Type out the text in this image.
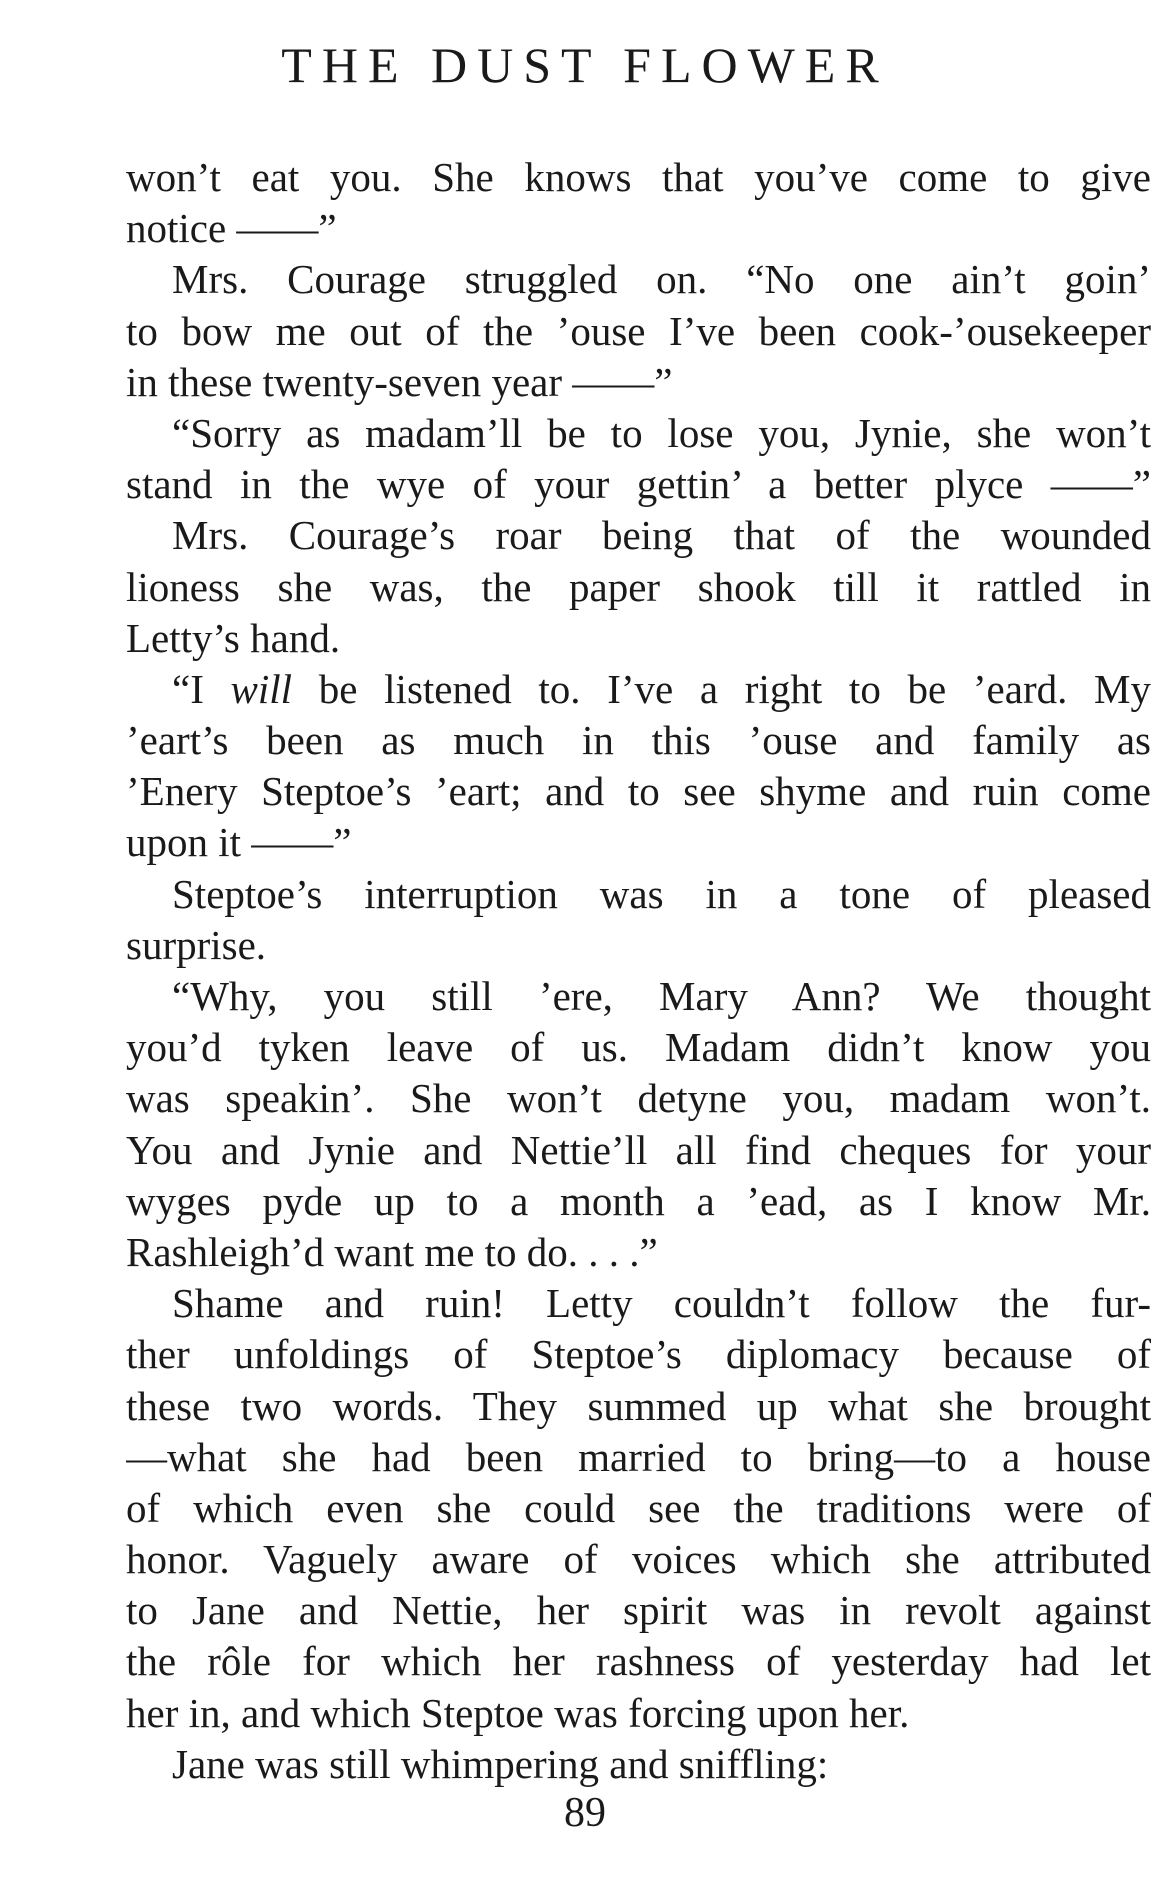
THE DUST FLOWER
won’t eat you. She knows that you’ve come to give
notice ——”
Mrs. Courage struggled on. “No one ain’t goin’
to bow me out of the ’ouse I’ve been cook-’ousekeeper
in these twenty-seven year ——”
“Sorry as madam’ll be to lose you, Jynie, she won’t
stand in the wye of your gettin’ a better plyce ——”
Mrs. Courage’s roar being that of the wounded
lioness she was, the paper shook till it rattled in
Letty’s hand.
“I will be listened to. I’ve a right to be ’eard. My
’eart’s been as much in this ’ouse and family as
’Enery Steptoe’s ’eart; and to see shyme and ruin come
upon it ——”
Steptoe’s interruption was in a tone of pleased
surprise.
“Why, you still ’ere, Mary Ann? We thought
you’d tyken leave of us. Madam didn’t know you
was speakin’. She won’t detyne you, madam won’t.
You and Jynie and Nettie’ll all find cheques for your
wyges pyde up to a month a ’ead, as I know Mr.
Rashleigh’d want me to do. . . .”
Shame and ruin! Letty couldn’t follow the fur-
ther unfoldings of Steptoe’s diplomacy because of
these two words. They summed up what she brought
—what she had been married to bring—to a house
of which even she could see the traditions were of
honor. Vaguely aware of voices which she attributed
to Jane and Nettie, her spirit was in revolt against
the rôle for which her rashness of yesterday had let
her in, and which Steptoe was forcing upon her.
Jane was still whimpering and sniffling:
89
